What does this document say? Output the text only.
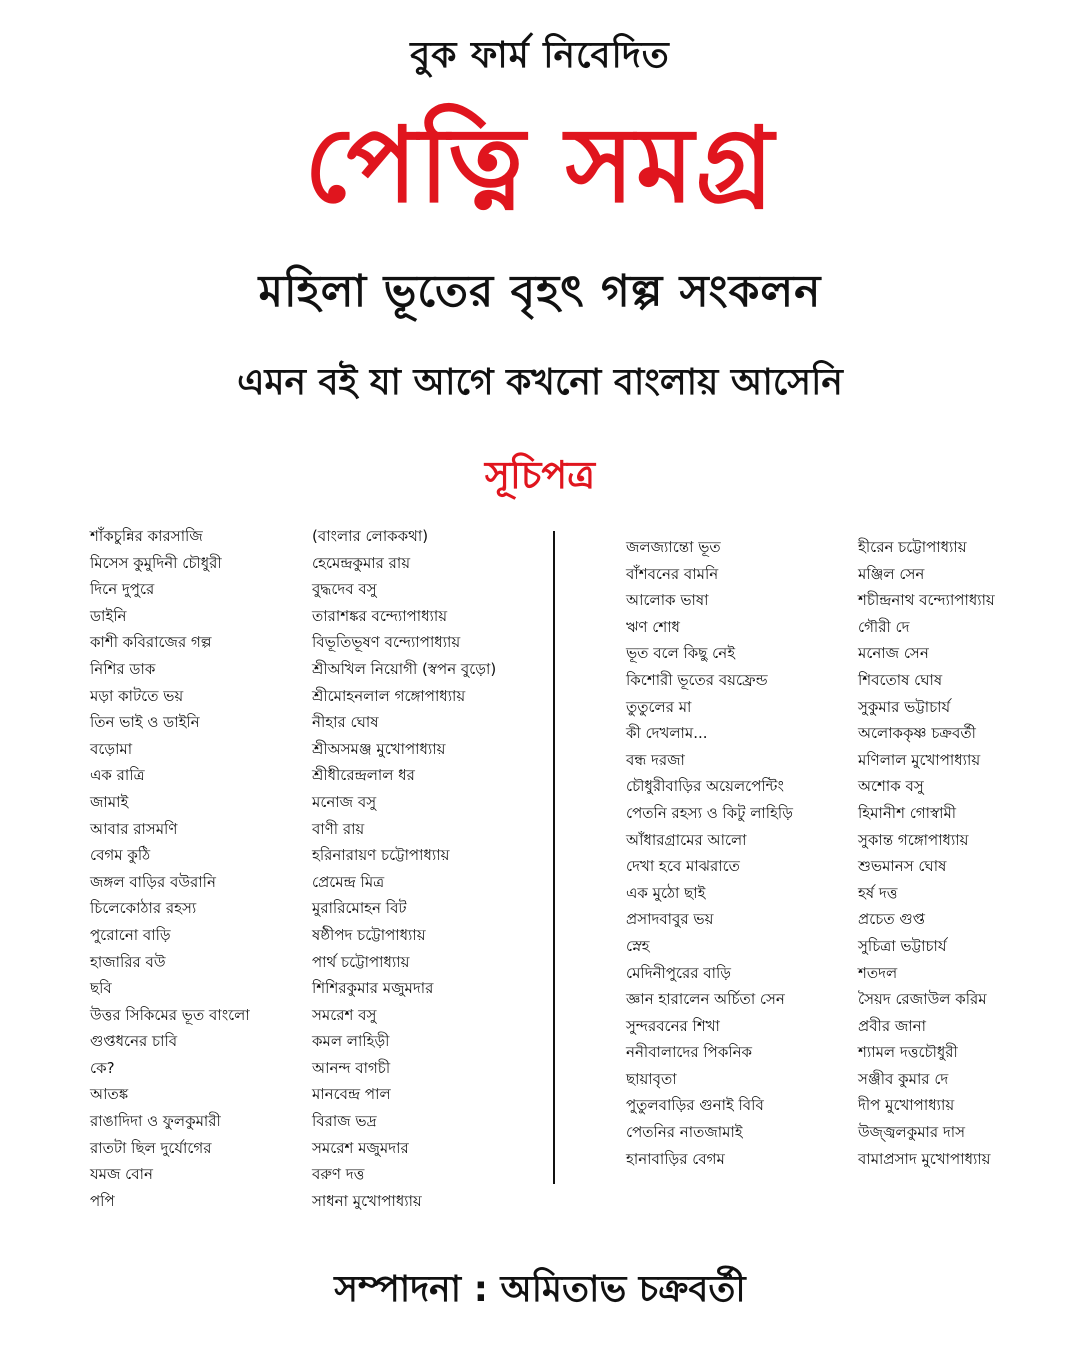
বুক ফার্ম নিবেদিত
পেত্নি সমগ্র
মহিলা ভূতের বৃহৎ গল্প সংকলন
এমন বই যা আগে কখনো বাংলায় আসেনি
সূচিপত্র
শাঁকচুন্নির কারসাজি
মিসেস কুমুদিনী চৌধুরী
দিনে দুপুরে
ডাইনি
কাশী কবিরাজের গল্প
নিশির ডাক
মড়া কাটতে ভয়
তিন ভাই ও ডাইনি
বড়োমা
এক রাত্রি
জামাই
আবার রাসমণি
বেগম কুঠি
জঙ্গল বাড়ির বউরানি
চিলেকোঠার রহস্য
পুরোনো বাড়ি
হাজারির বউ
ছবি
উত্তর সিকিমের ভূত বাংলো
গুপ্তধনের চাবি
কে?
আতঙ্ক
রাঙাদিদা ও ফুলকুমারী
রাতটা ছিল দুর্যোগের
যমজ বোন
পপি
(বাংলার লোককথা)
হেমেন্দ্রকুমার রায়
বুদ্ধদেব বসু
তারাশঙ্কর বন্দ্যোপাধ্যায়
বিভূতিভূষণ বন্দ্যোপাধ্যায়
শ্রীঅখিল নিয়োগী (স্বপন বুড়ো)
শ্রীমোহনলাল গঙ্গোপাধ্যায়
নীহার ঘোষ
শ্রীঅসমঞ্জ মুখোপাধ্যায়
শ্রীধীরেন্দ্রলাল ধর
মনোজ বসু
বাণী রায়
হরিনারায়ণ চট্টোপাধ্যায়
প্রেমেন্দ্র মিত্র
মুরারিমোহন বিট
ষষ্ঠীপদ চট্টোপাধ্যায়
পার্থ চট্টোপাধ্যায়
শিশিরকুমার মজুমদার
সমরেশ বসু
কমল লাহিড়ী
আনন্দ বাগচী
মানবেন্দ্র পাল
বিরাজ ভদ্র
সমরেশ মজুমদার
বরুণ দত্ত
সাধনা মুখোপাধ্যায়
জলজ্যান্তো ভূত
বাঁশবনের বামনি
আলোক ভাষা
ঋণ শোধ
ভূত বলে কিছু নেই
কিশোরী ভূতের বয়ফ্রেন্ড
তুতুলের মা
কী দেখলাম...
বন্ধ দরজা
চৌধুরীবাড়ির অয়েলপেন্টিং
পেতনি রহস্য ও কিটু লাহিড়ি
আঁধারগ্রামের আলো
দেখা হবে মাঝরাতে
এক মুঠো ছাই
প্রসাদবাবুর ভয়
স্নেহ
মেদিনীপুরের বাড়ি
জ্ঞান হারালেন অর্চিতা সেন
সুন্দরবনের শিখা
ননীবালাদের পিকনিক
ছায়াবৃতা
পুতুলবাড়ির গুনাই বিবি
পেতনির নাতজামাই
হানাবাড়ির বেগম
হীরেন চট্টোপাধ্যায়
মঞ্জিল সেন
শচীন্দ্রনাথ বন্দ্যোপাধ্যায়
গৌরী দে
মনোজ সেন
শিবতোষ ঘোষ
সুকুমার ভট্টাচার্য
অলোককৃষ্ণ চক্রবর্তী
মণিলাল মুখোপাধ্যায়
অশোক বসু
হিমানীশ গোস্বামী
সুকান্ত গঙ্গোপাধ্যায়
শুভমানস ঘোষ
হর্ষ দত্ত
প্রচেত গুপ্ত
সুচিত্রা ভট্টাচার্য
শতদল
সৈয়দ রেজাউল করিম
প্রবীর জানা
শ্যামল দত্তচৌধুরী
সঞ্জীব কুমার দে
দীপ মুখোপাধ্যায়
উজ্জ্বলকুমার দাস
বামাপ্রসাদ মুখোপাধ্যায়
সম্পাদনা : অমিতাভ চক্রবর্তী
